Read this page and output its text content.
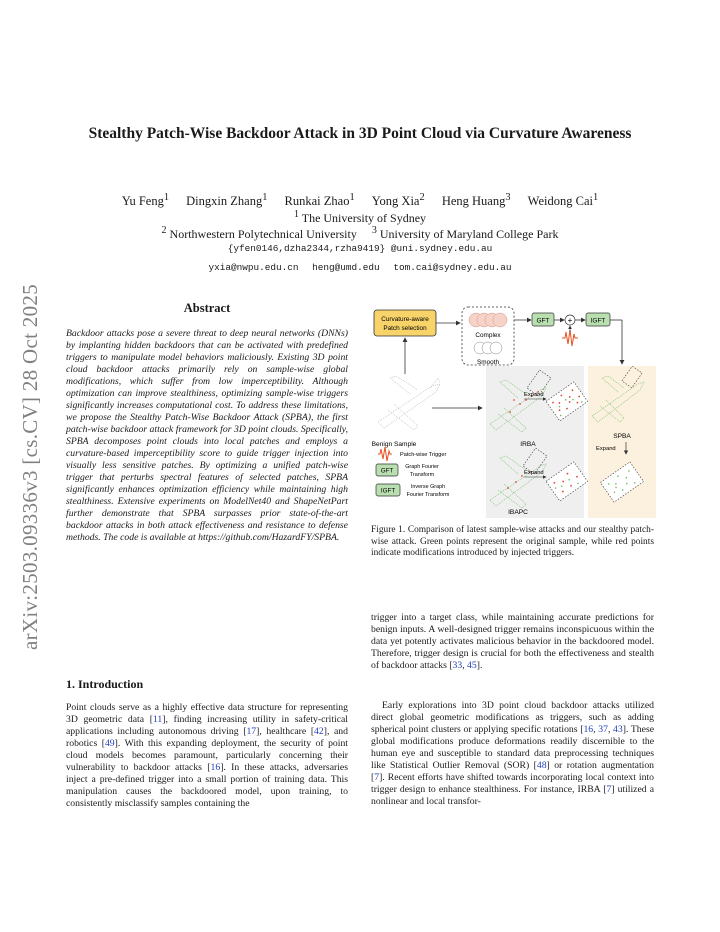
arXiv:2503.09336v3 [cs.CV] 28 Oct 2025
Stealthy Patch-Wise Backdoor Attack in 3D Point Cloud via Curvature Awareness
Yu Feng$^1$ Dingxin Zhang$^1$ Runkai Zhao$^1$ Yong Xia$^2$ Heng Huang$^3$ Weidong Cai$^1$
$^1$ The University of Sydney
$^2$ Northwestern Polytechnical University $^3$ University of Maryland College Park
{yfen0146,dzha2344,rzha9419} @uni.sydney.edu.au
yxia@nwpu.edu.cn heng@umd.edu tom.cai@sydney.edu.au
Abstract

Backdoor attacks pose a severe threat to deep neural networks (DNNs) by implanting hidden backdoors that can be activated with predefined triggers to manipulate model behaviors maliciously. Existing 3D point cloud backdoor attacks primarily rely on sample-wise global modifications, which suffer from low imperceptibility. Although optimization can improve stealthiness, optimizing sample-wise triggers significantly increases computational cost. To address these limitations, we propose the Stealthy Patch-Wise Backdoor Attack (SPBA), the first patch-wise backdoor attack framework for 3D point clouds. Specifically, SPBA decomposes point clouds into local patches and employs a curvature-based imperceptibility score to guide trigger injection into visually less sensitive patches. By optimizing a unified patch-wise trigger that perturbs spectral features of selected patches, SPBA significantly enhances optimization efficiency while maintaining high stealthiness. Extensive experiments on ModelNet40 and ShapeNetPart further demonstrate that SPBA surpasses prior state-of-the-art backdoor attacks in both attack effectiveness and resistance to defense methods. The code is available at https://github.com/HazardFY/SPBA.

1. Introduction

Point clouds serve as a highly effective data structure for representing 3D geometric data [11], finding increasing utility in safety-critical applications including autonomous driving [17], healthcare [42], and robotics [49]. With this expanding deployment, the security of point cloud models becomes paramount, particularly concerning their vulnerability to backdoor attacks [16]. In these attacks, adversaries inject a pre-defined trigger into a small portion of training data. This manipulation causes the backdoored model, upon training, to consistently misclassify samples containing the

Curvature-aware
Patch selection
Complex
Smooth
GFT +	IGFT
Benign Sample	IRBA
Expand
IBAPC
Expand
SPBA
Expand
Patch-wise Trigger
GFT
Graph Fourier
Transform
IGFT
Inverse Graph
Fourier Transform

Figure 1. Comparison of latest sample-wise attacks and our stealthy patch-wise attack. Green points represent the original sample, while red points indicate modifications introduced by injected triggers.

trigger into a target class, while maintaining accurate predictions for benign inputs. A well-designed trigger remains inconspicuous within the data yet potently activates malicious behavior in the backdoored model. Therefore, trigger design is crucial for both the effectiveness and stealth of backdoor attacks [33, 45].

Early explorations into 3D point cloud backdoor attacks utilized direct global geometric modifications as triggers, such as adding spherical point clusters or applying specific rotations [16, 37, 43]. These global modifications produce deformations readily discernible to the human eye and susceptible to standard data preprocessing techniques like Statistical Outlier Removal (SOR) [48] or rotation augmentation [7]. Recent efforts have shifted towards incorporating local context into trigger design to enhance stealthiness. For instance, IRBA [7] utilized a nonlinear and local transfor-
